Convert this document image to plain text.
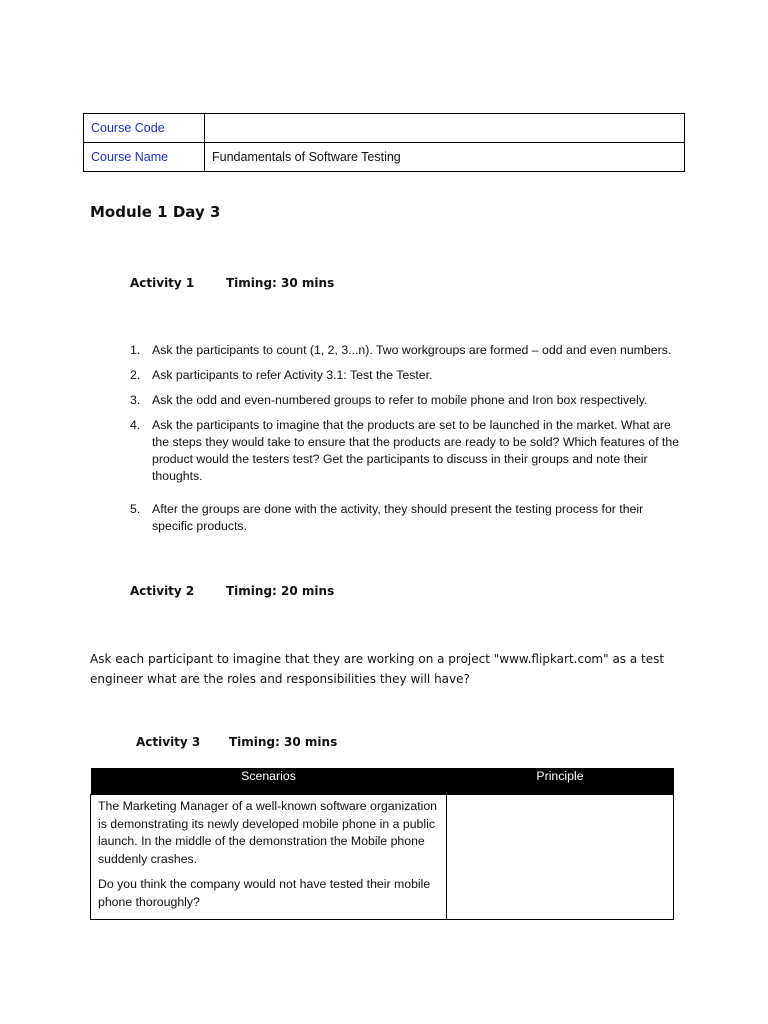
Course Code	
Course Name	Fundamentals of Software Testing
Module 1 Day 3
Activity 1	Timing: 30 mins
1. Ask the participants to count (1, 2, 3...n). Two workgroups are formed – odd and even numbers.
2. Ask participants to refer Activity 3.1: Test the Tester.
3. Ask the odd and even-numbered groups to refer to mobile phone and Iron box respectively.
4. Ask the participants to imagine that the products are set to be launched in the market. What are the steps they would take to ensure that the products are ready to be sold? Which features of the product would the testers test? Get the participants to discuss in their groups and note their thoughts.
5. After the groups are done with the activity, they should present the testing process for their specific products.
Activity 2	Timing: 20 mins

Ask each participant to imagine that they are working on a project "www.flipkart.com" as a test engineer what are the roles and responsibilities they will have?

Activity 3 Timing: 30 mins
Scenarios	Principle

The Marketing Manager of a well-known software organization is demonstrating its newly developed mobile phone in a public launch. In the middle of the demonstration the Mobile phone suddenly crashes.

Do you think the company would not have tested their mobile phone thoroughly?	
